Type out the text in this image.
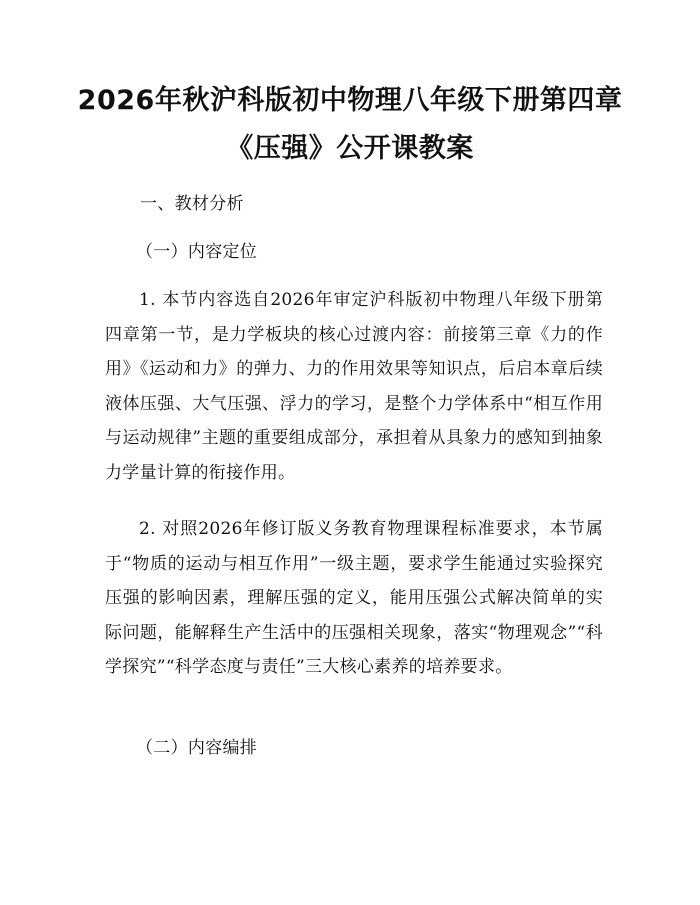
2026年秋沪科版初中物理八年级下册第四章
《压强》公开课教案
一、教材分析
（一）内容定位
1. 本节内容选自2026年审定沪科版初中物理八年级下册第四章第一节，是力学板块的核心过渡内容：前接第三章《力的作用》《运动和力》的弹力、力的作用效果等知识点，后启本章后续液体压强、大气压强、浮力的学习，是整个力学体系中“相互作用与运动规律”主题的重要组成部分，承担着从具象力的感知到抽象力学量计算的衔接作用。
2. 对照2026年修订版义务教育物理课程标准要求，本节属于“物质的运动与相互作用”一级主题，要求学生能通过实验探究压强的影响因素，理解压强的定义，能用压强公式解决简单的实际问题，能解释生产生活中的压强相关现象，落实“物理观念”“科学探究”“科学态度与责任”三大核心素养的培养要求。
（二）内容编排
